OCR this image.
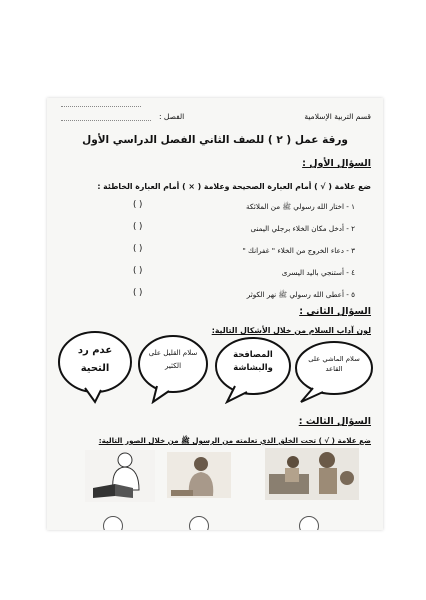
قسم التربية الإسلامية
الفصل :
ورقة عمل ( ٢ ) للصف الثاني الفصل الدراسي الأول
السؤال الأول :
ضع علامة ( √ ) أمام العبارة الصحيحة وعلامة ( × ) أمام العبارة الخاطئة :
١ - اختار الله رسولي ﷺ من الملائكة
( )
٢ - أدخل مكان الخلاء برجلي اليمنى
( )
٣ - دعاء الخروج من الخلاء " غفرانك "
( )
٤ - أستنجي باليد اليسرى
( )
٥ - أعطى الله رسولي ﷺ نهر الكوثر
( )
السؤال الثاني :
لون آداب السلام من خلال الأشكال التالية:
سلام الماشي على القاعد
المصافحة والبشاشة
سلام القليل على الكثير
عدم رد التحية
السؤال الثالث :
ضع علامة ( √ ) تحت الخلق الذي تعلمته من الرسول ﷺ من خلال الصور التالية:
